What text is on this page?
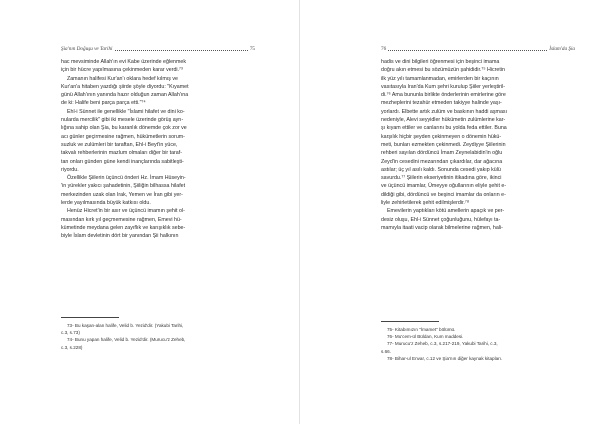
Şia'nın Doğuşu ve Tarihi	75
hac mevsiminde Allah'ın evi Kabe üzerinde eğlenmek
için bir hücre yapılmasına çekinmeden karar verdi.⁷³
Zamanın halifesi Kur'an'ı oklara hedef kılmış ve
Kur'an'a hitaben yazdığı şiirde şöyle diyordu: "Kıyamet
günü Allah'ının yanında hazır olduğun zaman Allah'ına
de ki: Halife beni parça parça etti."⁷⁴
Ehl-i Sünnet ile genellikle "İslami hilafet ve dini ko-
nularda mercilik" gibi iki mesele üzerinde görüş ayrı-
lığına sahip olan Şia, bu karanlık dönemde çok zor ve
acı günler geçirmesine rağmen, hükümetlerin sorum-
suzluk ve zulümleri bir taraftan, Ehl-i Beyt'in yüce,
takvalı rehberlerinin mazlum olmaları diğer bir taraf-
tan onları günden güne kendi inançlarında sabitleşti-
riyordu.
Özellikle Şiilerin üçüncü önderi Hz. İmam Hüseyin-
'in yürekler yakıcı şahadetinin, Şiiliğin bilhassa hilafet
merkezinden uzak olan Irak, Yemen ve İran gibi yer-
lerde yayılmasında büyük katkısı oldu.
Henüz Hicret'in bir asır ve üçüncü imamın şehit ol-
masından kırk yıl geçmemesine rağmen, Emevi hü-
kümetinde meydana gelen zayıflık ve karışıklık sebe-
biyle İslam devletinin dört bir yanından Şii halkının
73- Bu kaşan-alan halife, Velid b. Yezid'dir. (Yakubi Tarihi,
c.3, s.73)
74- Bunu yapan halife, Velid b. Yezid'dir. (Murucu'z Zeheb,
c.3, s.228)
76	İslam'da Şia
hadis ve dini bilgileri öğrenmesi için beşinci imama
doğru akın etmesi bu sözümüzün şahididir.⁷⁵ Hicretin
ilk yüz yılı tamamlanmadan, emirlerden bir kaçının
vasıtasıyla Iran'da Kum şehri kurulup Şiiler yerleştiril-
di.⁷⁶ Ama bununla birlikte önderlerinin emirlerine göre
mezheplerini tezahür etmeden takiyye halinde yaşı-
yorlardı. Elbette artık zulüm ve baskının haddi aşması
nedeniyle, Alevi seyyidler hükümetin zulümlerine kar-
şı kıyam ettiler ve canlarını bu yolda feda ettiler. Buna
karşılık hiçbir şeyden çekinmeyen o dönemin hükü-
meti, bunları ezmekten çekinmedi. Zeydiyye Şiilerinin
rehberi sayılan dördüncü İmam Zeynelabidin'in oğlu
Zeyd'in cesedini mezarından çıkardılar, dar ağacına
astılar; üç yıl asılı kaldı. Sonunda cesedi yakıp külü
savurdu.⁷⁷ Şiilerin ekseriyetinin itikadına göre, ikinci
ve üçüncü imamlar, Ümeyye oğullarının eliyle şehit e-
dildiği gibi, dördüncü ve beşinci imamlar da onların e-
liyle zehirletilerek şehit edilmişlerdir.⁷⁸
Emevilerin yaptıkları kötü amellerin apaçık ve per-
desiz oluşu, Ehl-i Sünnet çoğunluğunu, hülefayı ta-
mamıyla itaati vacip olarak bilmelerine rağmen, hali-
75- Kitabımızın "İmamet" bölümü.
76- Mu'cem-ül Büldan, Kum maddesi.
77- Murucu'z Zeheb, c.3, s.217-219, Yakubi Tarihi, c.3,
s.66.
78- Bihar-ul Envar, c.12 ve Şia'nın diğer kaynak kitapları.
